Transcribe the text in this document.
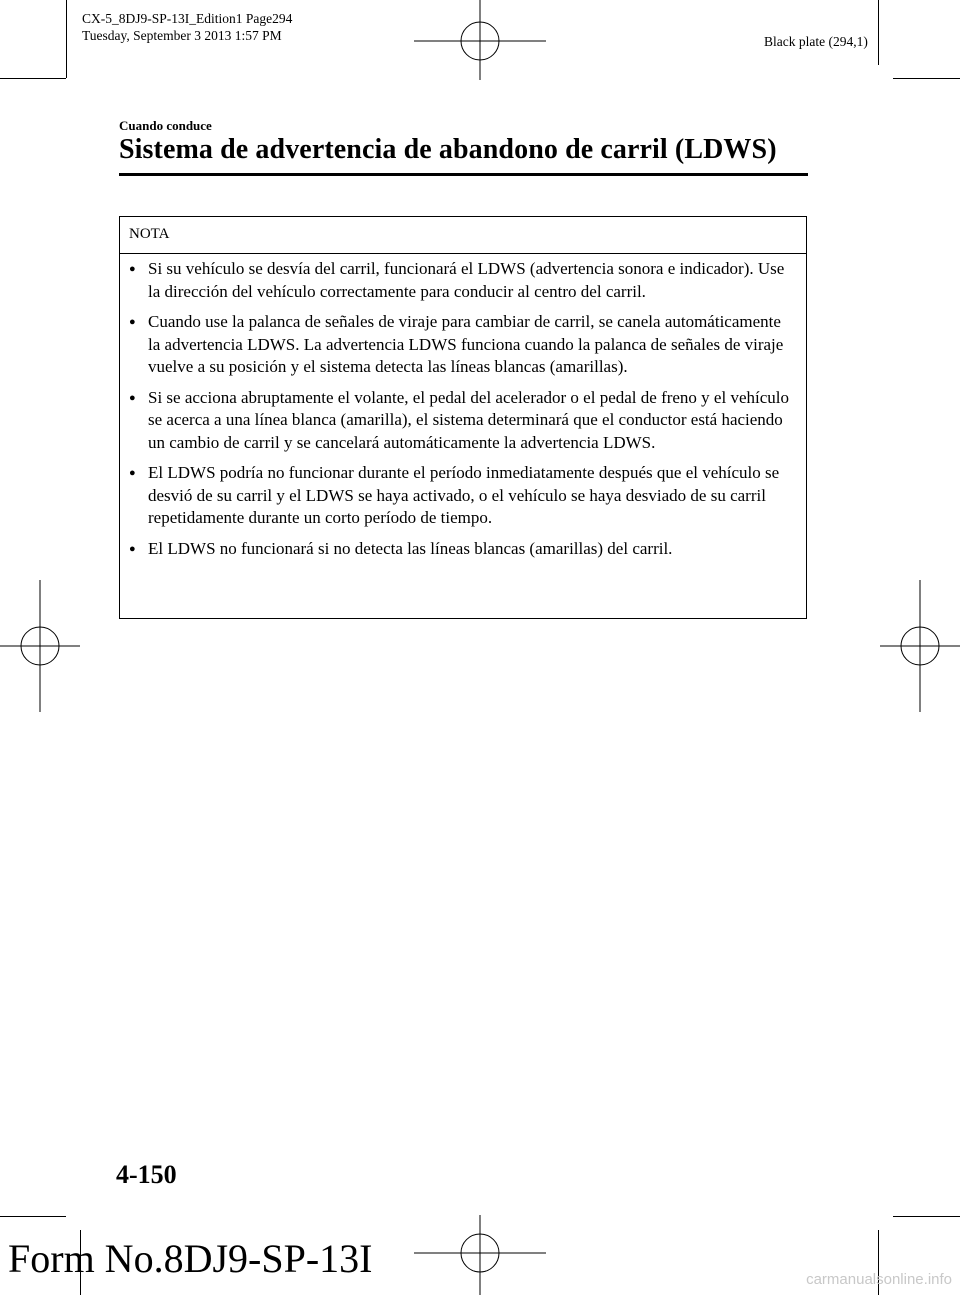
CX-5_8DJ9-SP-13I_Edition1 Page294
Tuesday, September 3 2013 1:57 PM	Black plate (294,1)
Cuando conduce
Sistema de advertencia de abandono de carril (LDWS)
NOTA
● Si su vehículo se desvía del carril, funcionará el LDWS (advertencia sonora e indicador). Use la dirección del vehículo correctamente para conducir al centro del carril.
● Cuando use la palanca de señales de viraje para cambiar de carril, se canela automáticamente la advertencia LDWS. La advertencia LDWS funciona cuando la palanca de señales de viraje vuelve a su posición y el sistema detecta las líneas blancas (amarillas).
● Si se acciona abruptamente el volante, el pedal del acelerador o el pedal de freno y el vehículo se acerca a una línea blanca (amarilla), el sistema determinará que el conductor está haciendo un cambio de carril y se cancelará automáticamente la advertencia LDWS.
● El LDWS podría no funcionar durante el período inmediatamente después que el vehículo se desvió de su carril y el LDWS se haya activado, o el vehículo se haya desviado de su carril repetidamente durante un corto período de tiempo.
● El LDWS no funcionará si no detecta las líneas blancas (amarillas) del carril.
4-150
Form No.8DJ9-SP-13I	carmanualsonline.info
